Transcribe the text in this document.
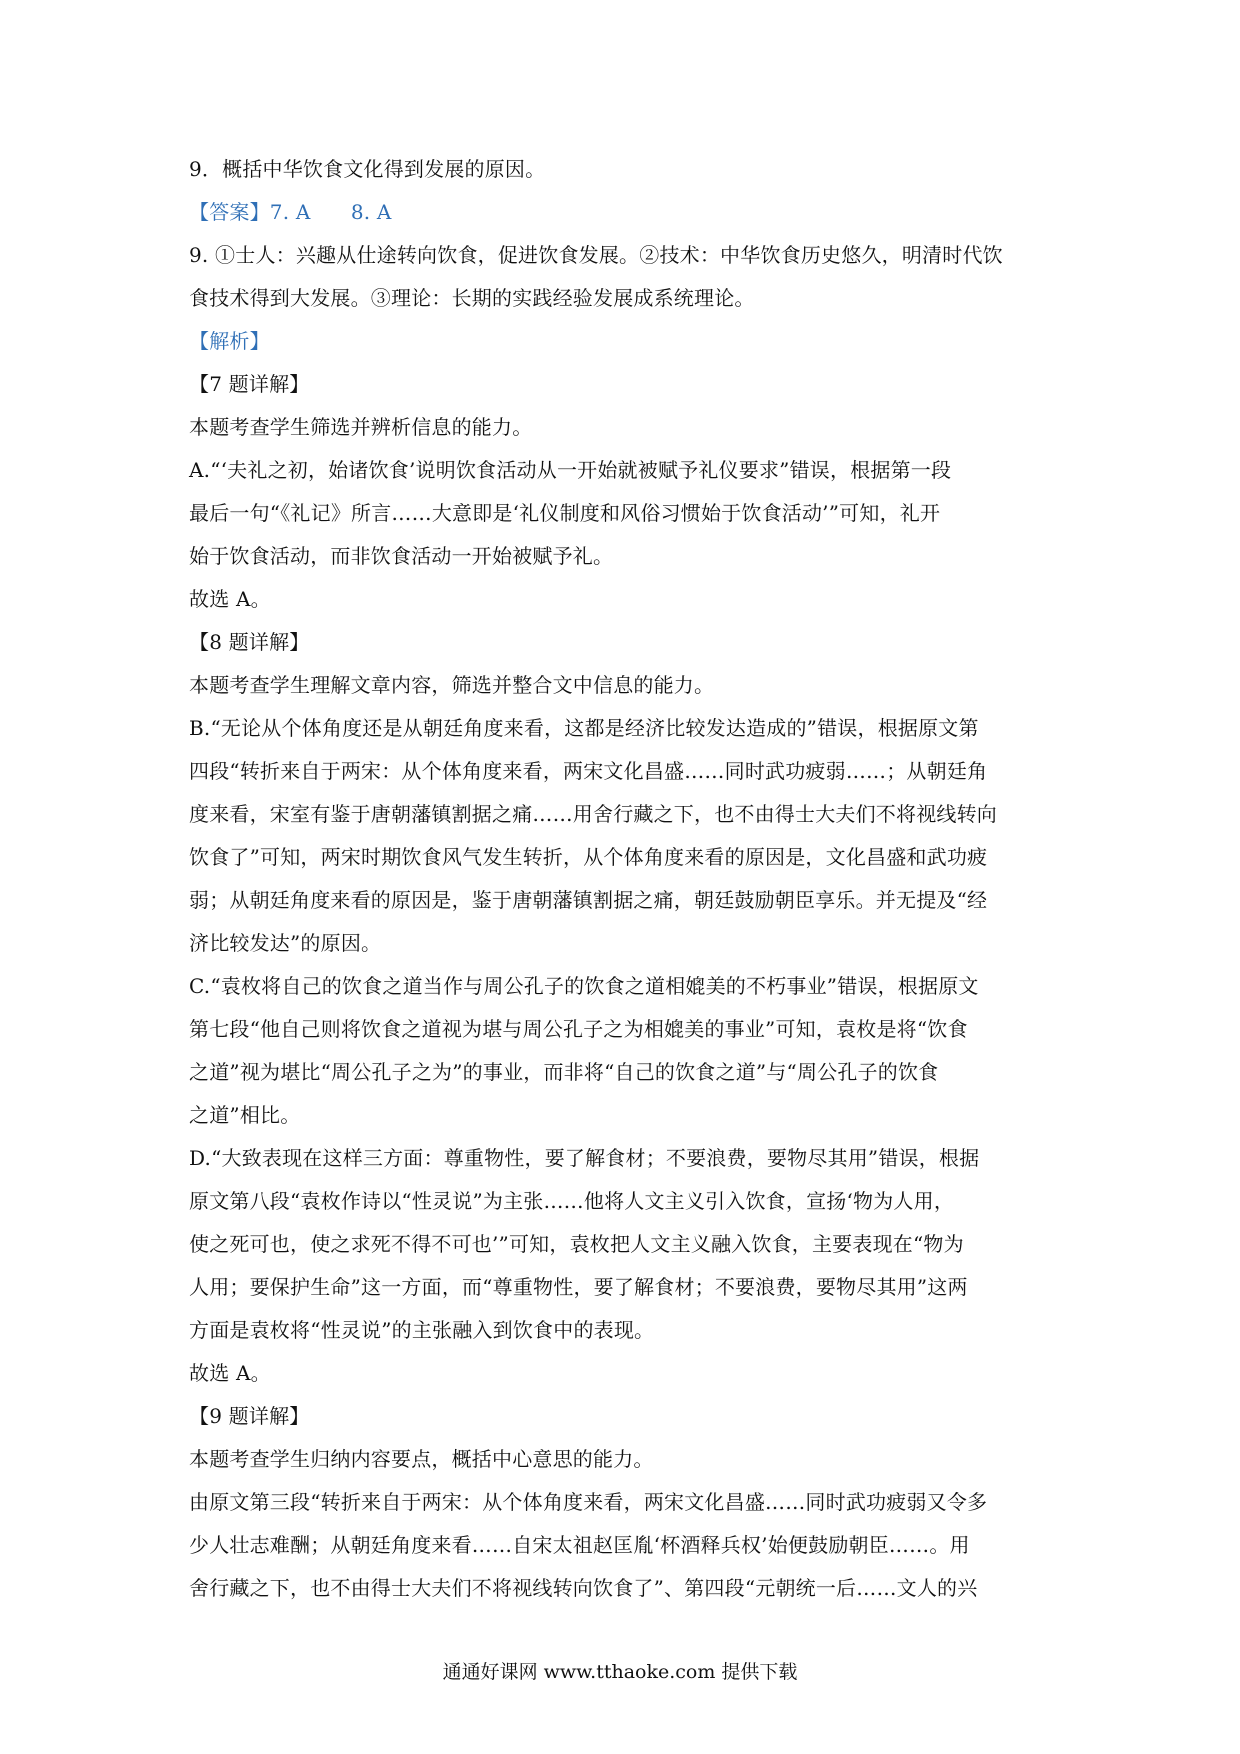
9．概括中华饮食文化得到发展的原因。
【答案】7. A　　8. A
9. ①士人：兴趣从仕途转向饮食，促进饮食发展。②技术：中华饮食历史悠久，明清时代饮
食技术得到大发展。③理论：长期的实践经验发展成系统理论。
【解析】
【7 题详解】
本题考查学生筛选并辨析信息的能力。
A.“‘夫礼之初，始诸饮食’说明饮食活动从一开始就被赋予礼仪要求”错误，根据第一段
最后一句“《礼记》所言……大意即是‘礼仪制度和风俗习惯始于饮食活动’”可知，礼开
始于饮食活动，而非饮食活动一开始被赋予礼。
故选 A。
【8 题详解】
本题考查学生理解文章内容，筛选并整合文中信息的能力。
B.“无论从个体角度还是从朝廷角度来看，这都是经济比较发达造成的”错误，根据原文第
四段“转折来自于两宋：从个体角度来看，两宋文化昌盛……同时武功疲弱……；从朝廷角
度来看，宋室有鉴于唐朝藩镇割据之痛……用舍行藏之下，也不由得士大夫们不将视线转向
饮食了”可知，两宋时期饮食风气发生转折，从个体角度来看的原因是，文化昌盛和武功疲
弱；从朝廷角度来看的原因是，鉴于唐朝藩镇割据之痛，朝廷鼓励朝臣享乐。并无提及“经
济比较发达”的原因。
C.“袁枚将自己的饮食之道当作与周公孔子的饮食之道相媲美的不朽事业”错误，根据原文
第七段“他自己则将饮食之道视为堪与周公孔子之为相媲美的事业”可知，袁枚是将“饮食
之道”视为堪比“周公孔子之为”的事业，而非将“自己的饮食之道”与“周公孔子的饮食
之道”相比。
D.“大致表现在这样三方面：尊重物性，要了解食材；不要浪费，要物尽其用”错误，根据
原文第八段“袁枚作诗以“性灵说”为主张……他将人文主义引入饮食，宣扬‘物为人用，
使之死可也，使之求死不得不可也’”可知，袁枚把人文主义融入饮食，主要表现在“物为
人用；要保护生命”这一方面，而“尊重物性，要了解食材；不要浪费，要物尽其用”这两
方面是袁枚将“性灵说”的主张融入到饮食中的表现。
故选 A。
【9 题详解】
本题考查学生归纳内容要点，概括中心意思的能力。
由原文第三段“转折来自于两宋：从个体角度来看，两宋文化昌盛……同时武功疲弱又令多
少人壮志难酬；从朝廷角度来看……自宋太祖赵匡胤‘杯酒释兵权’始便鼓励朝臣……。用
舍行藏之下，也不由得士大夫们不将视线转向饮食了”、第四段“元朝统一后……文人的兴
通通好课网 www.tthaoke.com 提供下载
